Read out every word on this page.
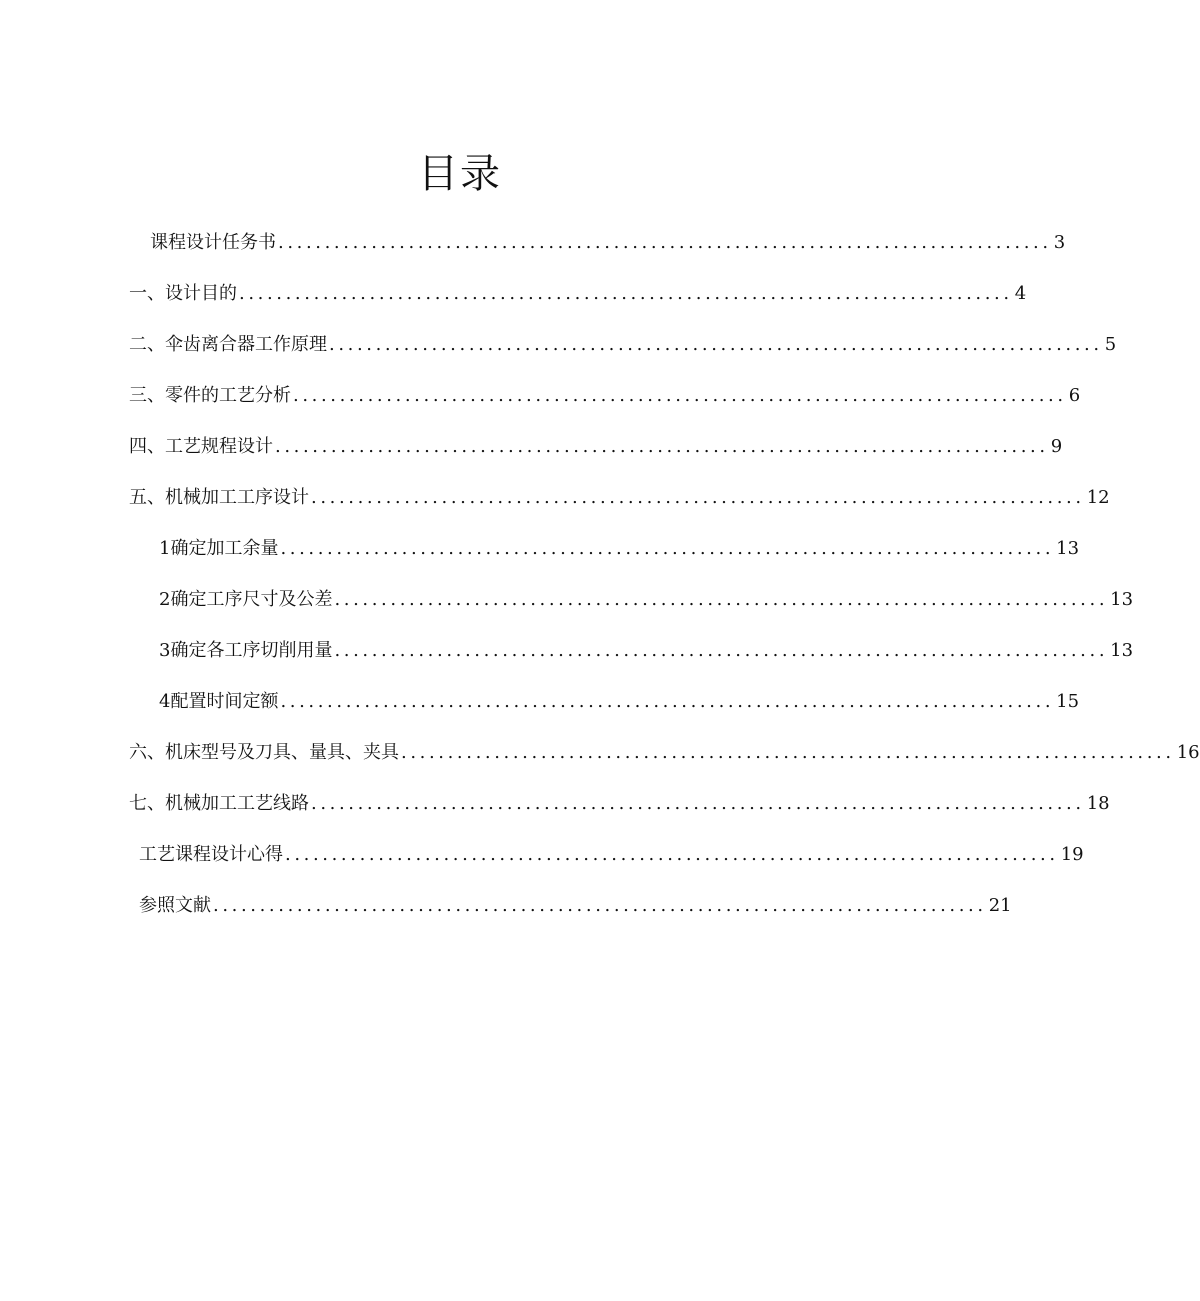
目录
课程设计任务书 ................................................................................... 3
一、 设计目的 ................................................................................... 4
二、 伞齿离合器工作原理 ................................................................................... 5
三、 零件的工艺分析 ................................................................................... 6
四、 工艺规程设计 ................................................................................... 9
五、 机械加工工序设计 ................................................................................... 12
1 确定加工余量 ................................................................................... 13
2 确定工序尺寸及公差 ................................................................................... 13
3 确定各工序切削用量 ................................................................................... 13
4 配置时间定额 ................................................................................... 15
六、 机床型号及刀具、量具、夹具 ................................................................................... 16
七、 机械加工工艺线路 ................................................................................... 18
工艺课程设计心得 ................................................................................... 19
参照文献 ................................................................................... 21
